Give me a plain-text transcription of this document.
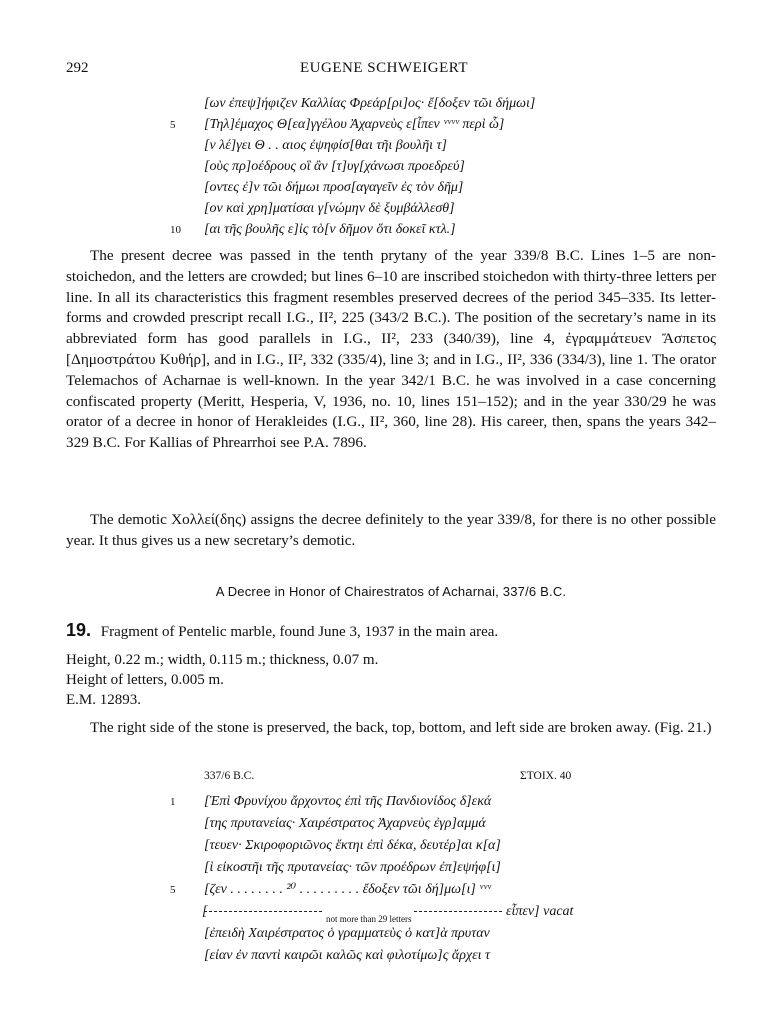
292	EUGENE SCHWEIGERT
[ων ἐπεψ]ήφιζεν Καλλίας Φρεάρ[ρι]ος· ἔ[δοξεν τῶι δήμωι]
5	[Τηλ]έμαχος Θ[εα]γγέλου Ἀχαρνεὺς ε[ἶπεν ᵛᵛᵛᵛ περὶ ὧ]
[ν λέ]γει Θ . . αιος ἐψηφίσ[θαι τῆι βουλῆι τ]
[οὺς πρ]οέδρους οἳ ἂν [τ]υγ[χάνωσι προεδρεύ]
[οντες ἐ]ν τῶι δήμωι προσ[αγαγεῖν ἐς τὸν δῆμ]
[ον καὶ χρη]ματίσαι γ[νώμην δὲ ξυμβάλλεσθ]
10 [αι τῆς βουλῆς ε]ἰς τὸ[ν δῆμον ὅτι δοκεῖ κτλ.]

The present decree was passed in the tenth prytany of the year 339/8 B.C. Lines 1–5 are non-stoichedon, and the letters are crowded; but lines 6–10 are inscribed stoichedon with thirty-three letters per line. In all its characteristics this fragment resembles preserved decrees of the period 345–335. Its letter-forms and crowded prescript recall I.G., II², 225 (343/2 B.C.). The position of the secretary’s name in its abbreviated form has good parallels in I.G., II², 233 (340/39), line 4, ἐγραμμάτευεν Ἄσπετος [Δημοστράτου Κυθήρ], and in I.G., II², 332 (335/4), line 3; and in I.G., II², 336 (334/3), line 1. The orator Telemachos of Acharnae is well-known. In the year 342/1 B.C. he was involved in a case concerning confiscated property (Meritt, Hesperia, V, 1936, no. 10, lines 151–152); and in the year 330/29 he was orator of a decree in honor of Herakleides (I.G., II², 360, line 28). His career, then, spans the years 342–329 B.C. For Kallias of Phrearrhoi see P.A. 7896.

The demotic Χολλεί(δης) assigns the decree definitely to the year 339/8, for there is no other possible year. It thus gives us a new secretary’s demotic.

A Decree in Honor of Chairestratos of Acharnai, 337/6 B.C.
19. Fragment of Pentelic marble, found June 3, 1937 in the main area.
Height, 0.22 m.; width, 0.115 m.; thickness, 0.07 m.
Height of letters, 0.005 m.
E.M. 12893.

The right side of the stone is preserved, the back, top, bottom, and left side are broken away. (Fig. 21.)

337/6 B.C.	ΣΤΟΙΧ. 40
1	[Ἐπὶ Φρυνίχου ἄρχοντος ἐπὶ τῆς Πανδιονίδος δ]εκά
[της πρυτανείας· Χαιρέστρατος Ἀχαρνεὺς ἐγρ]αμμά
[τευεν· Σκιροφοριῶνος ἕκτηι ἐπὶ δέκα, δευτέρ]αι κ[α]
[ὶ εἰκοστῆι τῆς πρυτανείας· τῶν προέδρων ἐπ]εψήφ[ι]
5	[ζεν . . . . . . . . ²⁰ . . . . . . . . . ἔδοξεν τῶι δή]μω[ι] ᵛᵛᵛ
[	not more than 29 letters	εἶπεν] vacat
[ἐπειδὴ Χαιρέστρατος ὁ γραμματεὺς ὁ κατ]ὰ πρυταν
[είαν ἐν παντὶ καιρῶι καλῶς καὶ φιλοτίμω]ς ἄρχει τ
